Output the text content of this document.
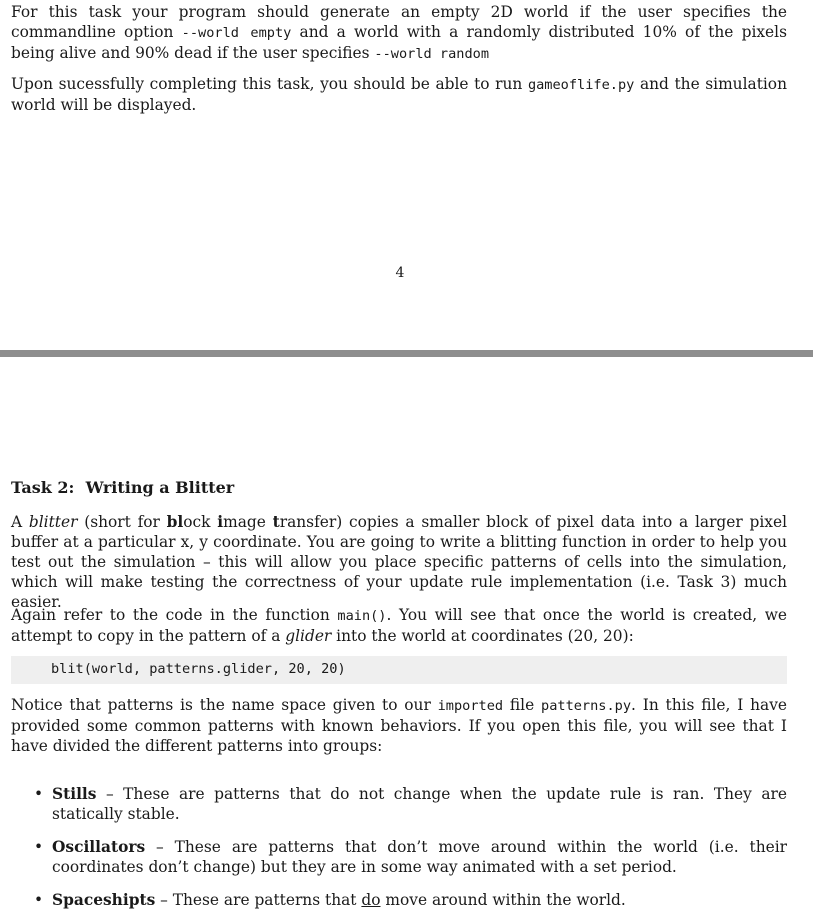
For this task your program should generate an empty 2D world if the user specifies the commandline option --world empty and a world with a randomly distributed 10% of the pixels being alive and 90% dead if the user specifies --world random

Upon sucessfully completing this task, you should be able to run gameoflife.py and the simulation world will be displayed.

4
Task 2: Writing a Blitter

A blitter (short for block image transfer) copies a smaller block of pixel data into a larger pixel buffer at a particular x, y coordinate. You are going to write a blitting function in order to help you test out the simulation – this will allow you place specific patterns of cells into the simulation, which will make testing the correctness of your update rule implementation (i.e. Task 3) much easier.

Again refer to the code in the function main(). You will see that once the world is created, we attempt to copy in the pattern of a glider into the world at coordinates (20, 20):

blit(world, patterns.glider, 20, 20)

Notice that patterns is the name space given to our imported file patterns.py. In this file, I have provided some common patterns with known behaviors. If you open this file, you will see that I have divided the different patterns into groups:

• Stills – These are patterns that do not change when the update rule is ran. They are statically stable.
• Oscillators – These are patterns that don’t move around within the world (i.e. their coordinates don’t change) but they are in some way animated with a set period.
• Spaceshipts – These are patterns that do move around within the world.
